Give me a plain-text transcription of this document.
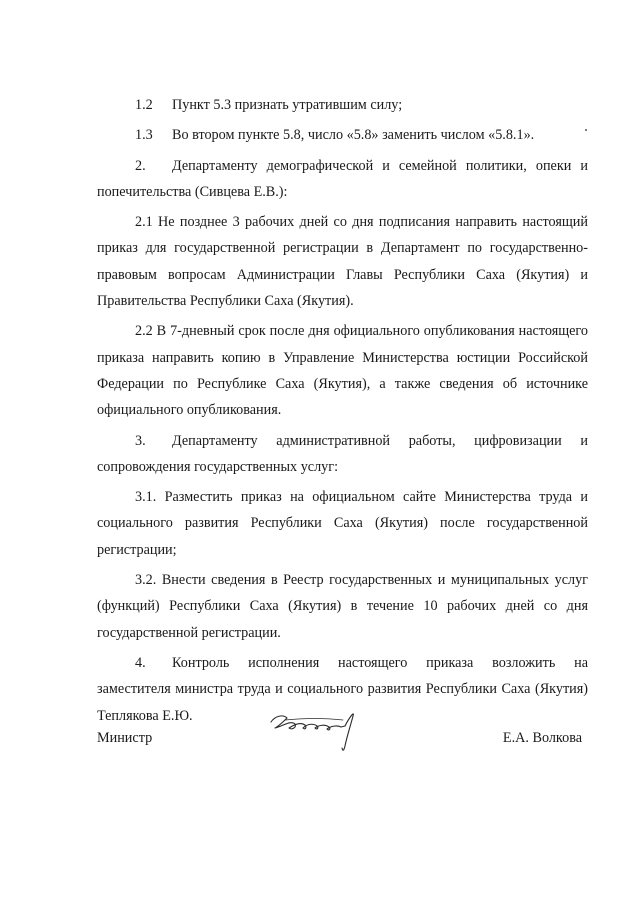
1.2 Пункт 5.3 признать утратившим силу;

1.3 Во втором пункте 5.8, число «5.8» заменить числом «5.8.1».

2. Департаменту демографической и семейной политики, опеки и попечительства (Сивцева Е.В.):

2.1 Не позднее 3 рабочих дней со дня подписания направить настоящий приказ для государственной регистрации в Департамент по государственно-правовым вопросам Администрации Главы Республики Саха (Якутия) и Правительства Республики Саха (Якутия).

2.2 В 7-дневный срок после дня официального опубликования настоящего приказа направить копию в Управление Министерства юстиции Российской Федерации по Республике Саха (Якутия), а также сведения об источнике официального опубликования.

3. Департаменту административной работы, цифровизации и сопровождения государственных услуг:

3.1. Разместить приказ на официальном сайте Министерства труда и социального развития Республики Саха (Якутия) после государственной регистрации;

3.2. Внести сведения в Реестр государственных и муниципальных услуг (функций) Республики Саха (Якутия) в течение 10 рабочих дней со дня государственной регистрации.

4. Контроль исполнения настоящего приказа возложить на заместителя министра труда и социального развития Республики Саха (Якутия) Теплякова Е.Ю.

Министр	Е.А. Волкова
